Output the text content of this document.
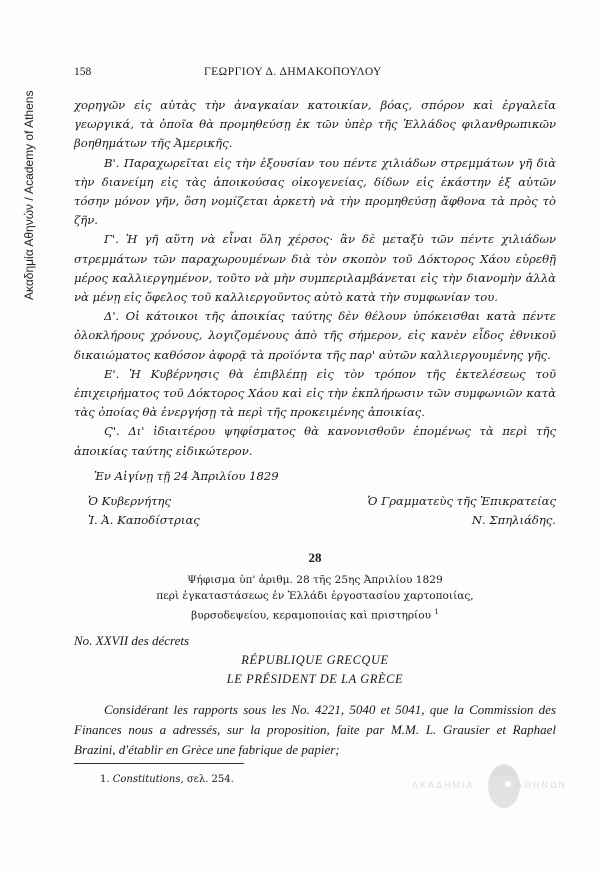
Ακαδημία Αθηνών / Academy of Athens
158	ΓΕΩΡΓΙΟΥ Δ. ΔΗΜΑΚΟΠΟΥΛΟΥ

χορηγῶν εἰς αὐτὰς τὴν ἀναγκαίαν κατοικίαν, βόας, σπόρον καὶ ἐργαλεῖα γεωργικά, τὰ ὁποῖα θὰ προμηθεύσῃ ἐκ τῶν ὑπὲρ τῆς Ἑλλάδος φιλανθρωπικῶν βοηθημάτων τῆς Ἀμερικῆς.

Β'. Παραχωρεῖται εἰς τὴν ἐξουσίαν του πέντε χιλιάδων στρεμμάτων γῆ διὰ τὴν διανείμη εἰς τὰς ἀποικούσας οἰκογενείας, δίδων εἰς ἑκάστην ἐξ αὐτῶν τόσην μόνον γῆν, ὅση νομίζεται ἀρκετὴ νὰ τὴν προμηθεύσῃ ἄφθονα τὰ πρὸς τὸ ζῆν.

Γ'. Ἡ γῆ αὕτη νὰ εἶναι ὅλη χέρσος· ἂν δὲ μεταξὺ τῶν πέντε χιλιάδων στρεμμάτων τῶν παραχωρουμένων διὰ τὸν σκοπὸν τοῦ Δόκτορος Χάου εὑρεθῇ μέρος καλλιεργημένον, τοῦτο νὰ μὴν συμπεριλαμβάνεται εἰς τὴν διανομὴν ἀλλὰ νὰ μένῃ εἰς ὄφελος τοῦ καλλιεργοῦντος αὐτὸ κατὰ τὴν συμφωνίαν του.

Δ'. Οἱ κάτοικοι τῆς ἀποικίας ταύτης δὲν θέλουν ὑπόκεισθαι κατὰ πέντε ὁλοκλήρους χρόνους, λογιζομένους ἀπὸ τῆς σήμερον, εἰς κανὲν εἶδος ἐθνικοῦ δικαιώματος καθόσον ἀφορᾷ τὰ προϊόντα τῆς παρ' αὐτῶν καλλιεργουμένης γῆς.

Ε'. Ἡ Κυβέρνησις θὰ ἐπιβλέπῃ εἰς τὸν τρόπον τῆς ἐκτελέσεως τοῦ ἐπιχειρήματος τοῦ Δόκτορος Χάου καὶ εἰς τὴν ἐκπλήρωσιν τῶν συμφωνιῶν κατὰ τὰς ὁποίας θὰ ἐνεργήσῃ τὰ περὶ τῆς προκειμένης ἀποικίας.

Ϛ'. Δι' ἰδιαιτέρου ψηφίσματος θὰ κανονισθοῦν ἐπομένως τὰ περὶ τῆς ἀποικίας ταύτης εἰδικώτερον.

Ἐν Αἰγίνῃ τῇ 24 Ἀπριλίου 1829

Ὁ Κυβερνήτης
Ἰ. Ἀ. Καποδίστριας
Ὁ Γραμματεὺς τῆς Ἐπικρατείας
Ν. Σπηλιάδης.

28

Ψήφισμα ὑπ' ἀριθμ. 28 τῆς 25ης Ἀπριλίου 1829
περὶ ἐγκαταστάσεως ἐν Ἑλλάδι ἐργοστασίου χαρτοποιίας,
βυρσοδεψείου, κεραμοποιίας καὶ πριστηρίου $^1$

No. XXVII des décrets

RÉPUBLIQUE GRECQUE

LE PRÉSIDENT DE LA GRÈCE

Considérant les rapports sous les No. 4221, 5040 et 5041, que la Commission des Finances nous a adressés, sur la proposition, faite par M.M. L. Grausier et Raphael Brazini, d'établir en Grèce une fabrique de papier;

1. Constitutions, σελ. 254.	ΑΚΑΔΗΜΙΑ	ΑΘΗΝΩΝ
